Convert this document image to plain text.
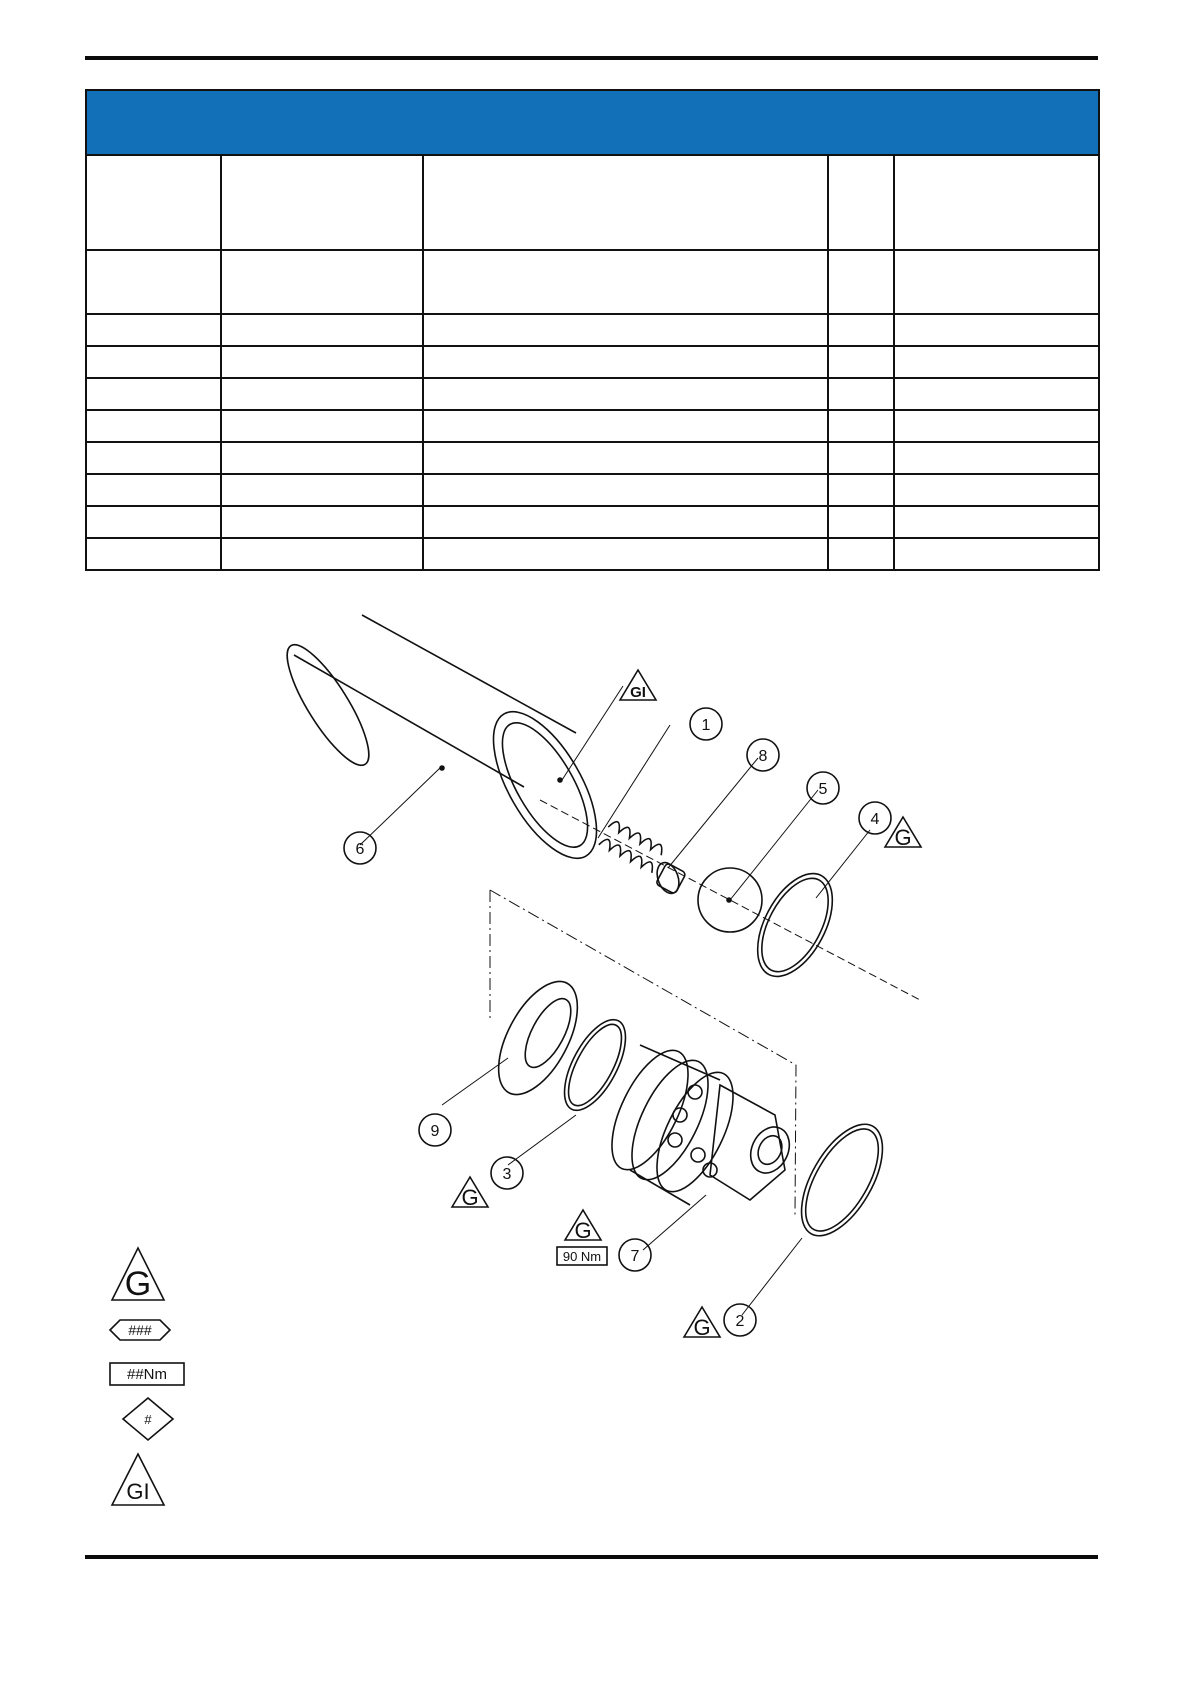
6
1
8
5
4
9
3
7
2
GI
G
G
G
90 Nm
G
G
###
##Nm
#
GI
